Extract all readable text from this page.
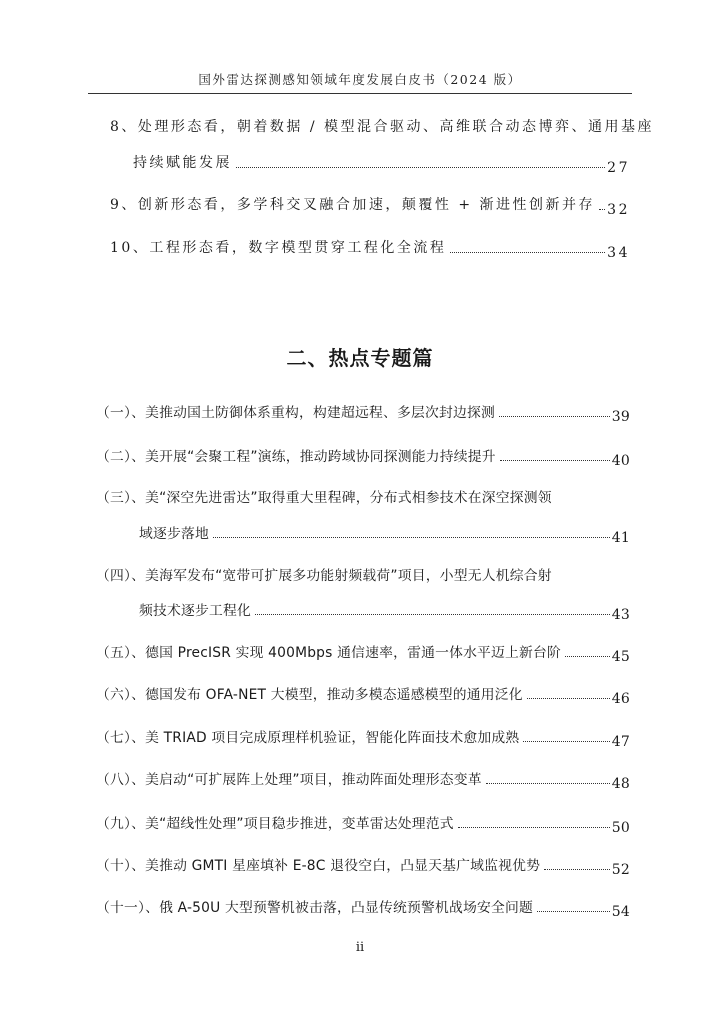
国外雷达探测感知领域年度发展白皮书（2024 版）
8、处理形态看，朝着数据 / 模型混合驱动、高维联合动态博弈、通用基座
持续赋能发展	27
9、创新形态看，多学科交叉融合加速，颠覆性 + 渐进性创新并存 32
10、工程形态看，数字模型贯穿工程化全流程	34
二、热点专题篇
（一）、美推动国土防御体系重构，构建超远程、多层次封边探测	39
（二）、美开展“会聚工程”演练，推动跨域协同探测能力持续提升	40
（三）、美“深空先进雷达”取得重大里程碑，分布式相参技术在深空探测领
域逐步落地	41
（四）、美海军发布“宽带可扩展多功能射频载荷”项目，小型无人机综合射
频技术逐步工程化	43
（五）、德国 PrecISR 实现 400Mbps 通信速率，雷通一体水平迈上新台阶	45
（六）、德国发布 OFA-NET 大模型，推动多模态遥感模型的通用泛化	46
（七）、美 TRIAD 项目完成原理样机验证，智能化阵面技术愈加成熟	47
（八）、美启动“可扩展阵上处理”项目，推动阵面处理形态变革	48
（九）、美“超线性处理”项目稳步推进，变革雷达处理范式	50
（十）、美推动 GMTI 星座填补 E-8C 退役空白，凸显天基广域监视优势	52
（十一）、俄 A-50U 大型预警机被击落，凸显传统预警机战场安全问题	54
ii
